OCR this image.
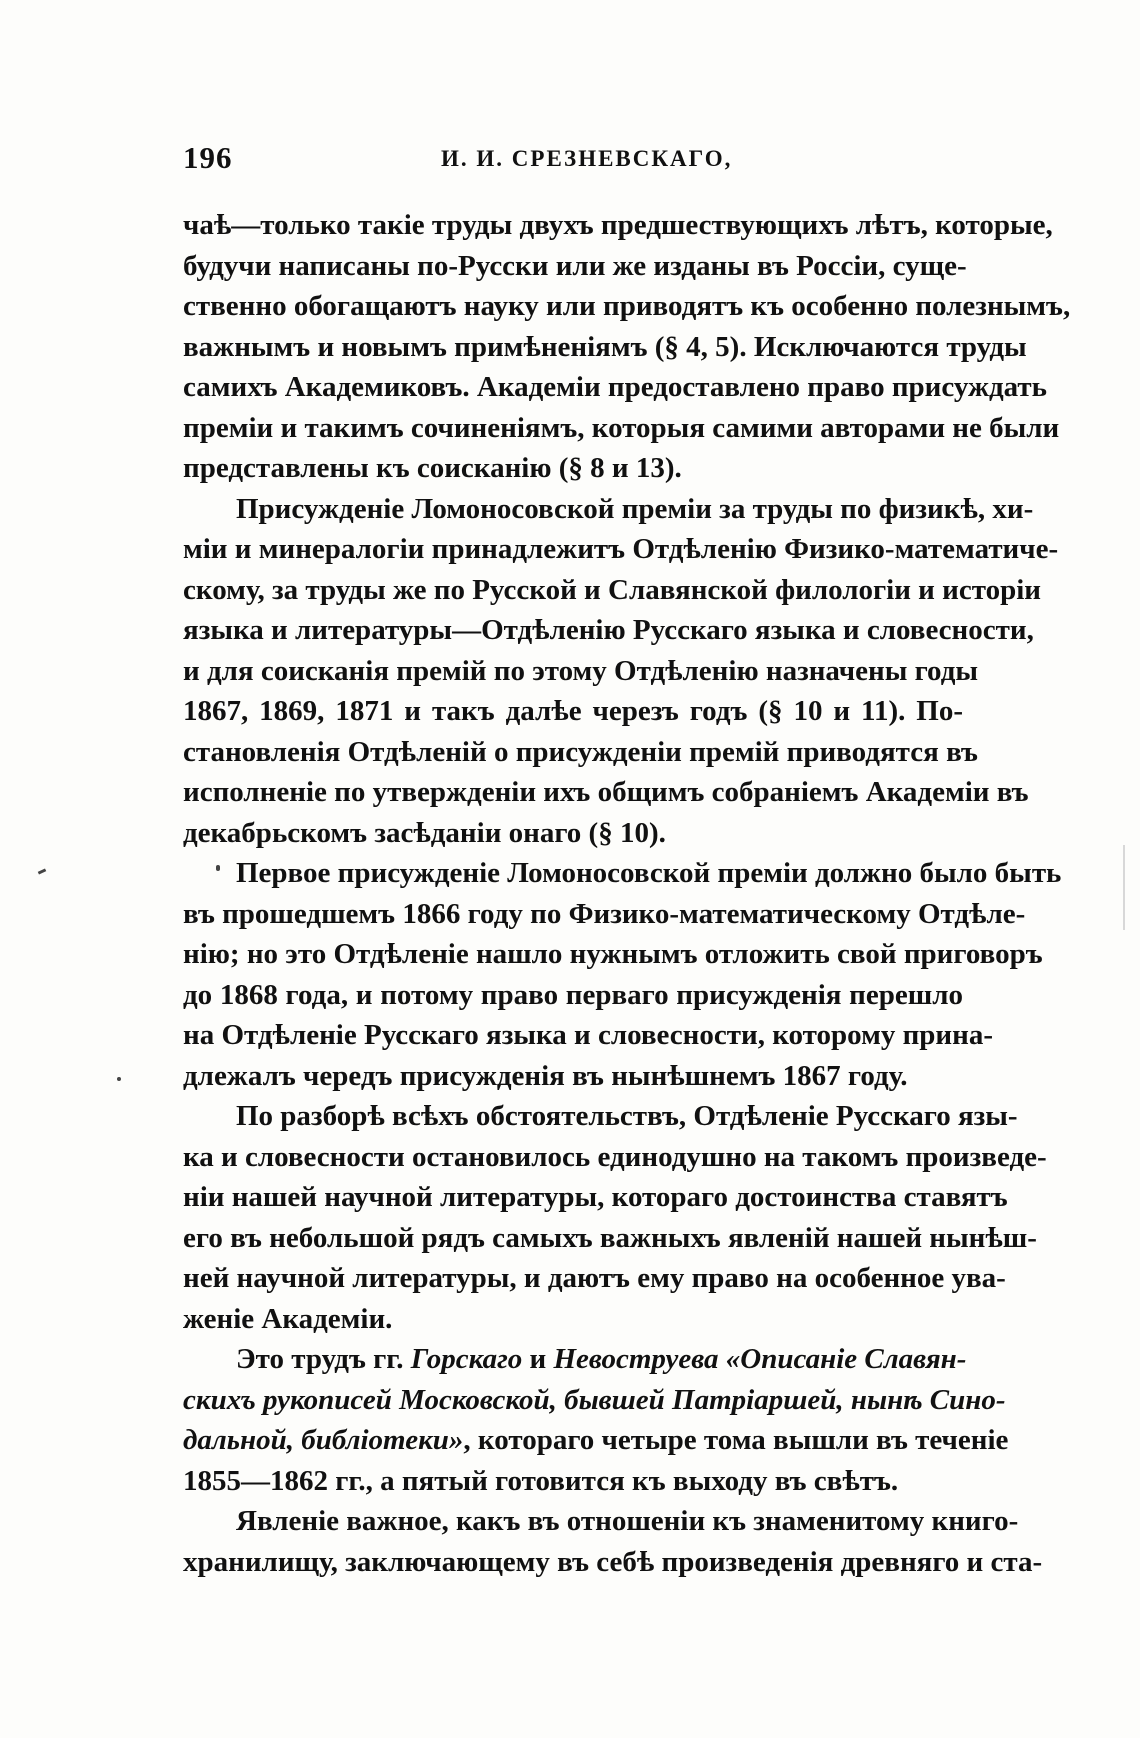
196	И. И. СРЕЗНЕВСКАГО,
чаѣ—только такіе труды двухъ предшествующихъ лѣтъ, которые,
будучи написаны по-Русски или же изданы въ Россіи, суще-
ственно обогащаютъ науку или приводятъ къ особенно полезнымъ,
важнымъ и новымъ примѣненіямъ (§ 4, 5). Исключаются труды
самихъ Академиковъ. Академіи предоставлено право присуждать
преміи и такимъ сочиненіямъ, которыя самими авторами не были
представлены къ соисканію (§ 8 и 13).
Присужденіе Ломоносовской преміи за труды по физикѣ, хи-
міи и минералогіи принадлежитъ Отдѣленію Физико-математиче-
скому, за труды же по Русской и Славянской филологіи и исторіи
языка и литературы—Отдѣленію Русскаго языка и словесности,
и для соисканія премій по этому Отдѣленію назначены годы
1867, 1869, 1871 и такъ далѣе черезъ годъ (§ 10 и 11). По-
становленія Отдѣленій о присужденіи премій приводятся въ
исполненіе по утвержденіи ихъ общимъ собраніемъ Академіи въ
декабрьскомъ засѣданіи онаго (§ 10).
Первое присужденіе Ломоносовской преміи должно было быть
въ прошедшемъ 1866 году по Физико-математическому Отдѣле-
нію; но это Отдѣленіе нашло нужнымъ отложить свой приговоръ
до 1868 года, и потому право перваго присужденія перешло
на Отдѣленіе Русскаго языка и словесности, которому прина-
длежалъ чередъ присужденія въ нынѣшнемъ 1867 году.
По разборѣ всѣхъ обстоятельствъ, Отдѣленіе Русскаго язы-
ка и словесности остановилось единодушно на такомъ произведе-
ніи нашей научной литературы, котораго достоинства ставятъ
его въ небольшой рядъ самыхъ важныхъ явленій нашей нынѣш-
ней научной литературы, и даютъ ему право на особенное ува-
женіе Академіи.
Это трудъ гг. Горскаго и Невоструева «Описаніе Славян-
скихъ рукописей Московской, бывшей Патріаршей, нынѣ Сино-
дальной, библіотеки», котораго четыре тома вышли въ теченіе
1855—1862 гг., а пятый готовится къ выходу въ свѣтъ.
Явленіе важное, какъ въ отношеніи къ знаменитому книго-
хранилищу, заключающему въ себѣ произведенія древняго и ста-
